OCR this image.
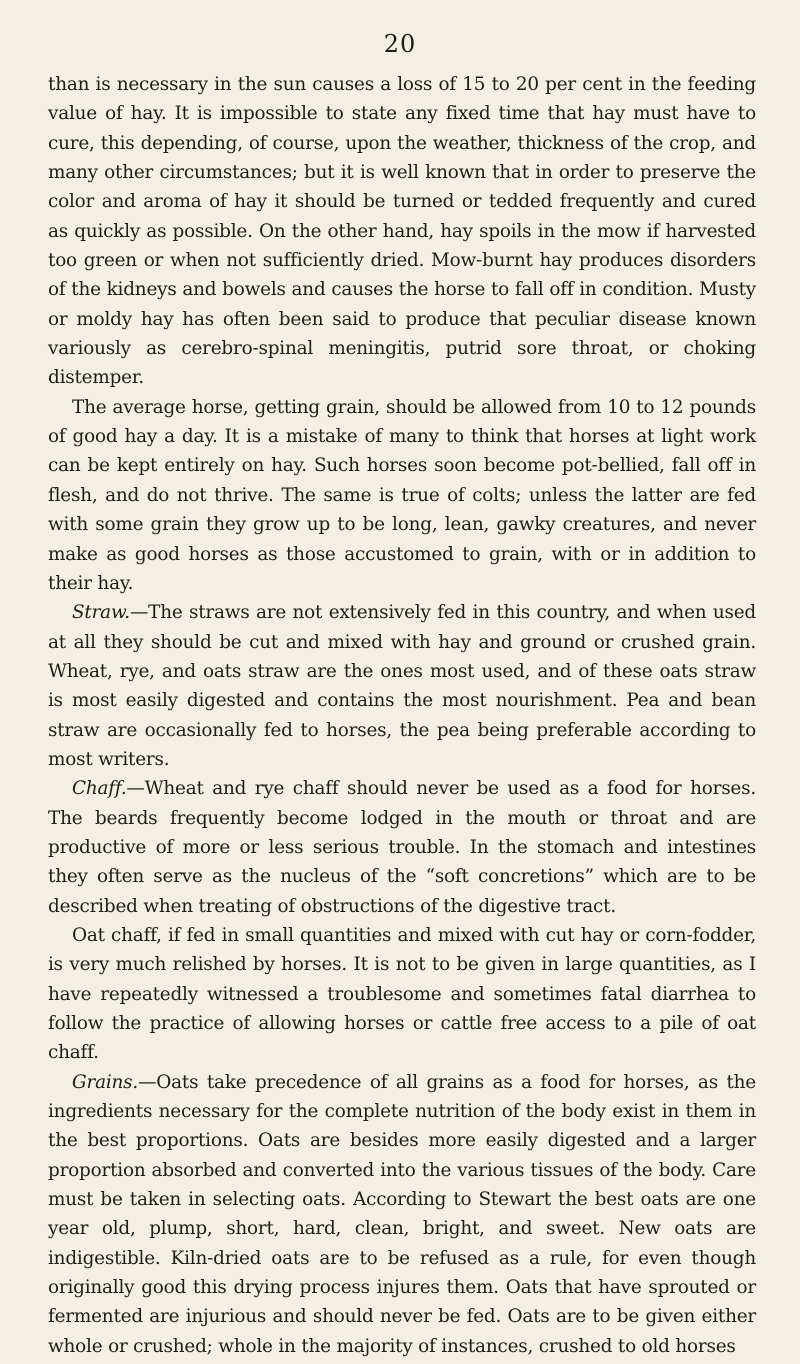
20

than is necessary in the sun causes a loss of 15 to 20 per cent in the feeding value of hay. It is impossible to state any fixed time that hay must have to cure, this depending, of course, upon the weather, thickness of the crop, and many other circumstances; but it is well known that in order to preserve the color and aroma of hay it should be turned or tedded frequently and cured as quickly as possible. On the other hand, hay spoils in the mow if harvested too green or when not sufficiently dried. Mow-burnt hay produces disorders of the kidneys and bowels and causes the horse to fall off in condition. Musty or moldy hay has often been said to produce that peculiar disease known variously as cerebro-spinal meningitis, putrid sore throat, or choking distemper.

The average horse, getting grain, should be allowed from 10 to 12 pounds of good hay a day. It is a mistake of many to think that horses at light work can be kept entirely on hay. Such horses soon become pot-bellied, fall off in flesh, and do not thrive. The same is true of colts; unless the latter are fed with some grain they grow up to be long, lean, gawky creatures, and never make as good horses as those accustomed to grain, with or in addition to their hay.

Straw.—The straws are not extensively fed in this country, and when used at all they should be cut and mixed with hay and ground or crushed grain. Wheat, rye, and oats straw are the ones most used, and of these oats straw is most easily digested and contains the most nourishment. Pea and bean straw are occasionally fed to horses, the pea being preferable according to most writers.

Chaff.—Wheat and rye chaff should never be used as a food for horses. The beards frequently become lodged in the mouth or throat and are productive of more or less serious trouble. In the stomach and intestines they often serve as the nucleus of the “soft concretions” which are to be described when treating of obstructions of the digestive tract.

Oat chaff, if fed in small quantities and mixed with cut hay or corn-fodder, is very much relished by horses. It is not to be given in large quantities, as I have repeatedly witnessed a troublesome and sometimes fatal diarrhea to follow the practice of allowing horses or cattle free access to a pile of oat chaff.

Grains.—Oats take precedence of all grains as a food for horses, as the ingredients necessary for the complete nutrition of the body exist in them in the best proportions. Oats are besides more easily digested and a larger proportion absorbed and converted into the various tissues of the body. Care must be taken in selecting oats. According to Stewart the best oats are one year old, plump, short, hard, clean, bright, and sweet. New oats are indigestible. Kiln-dried oats are to be refused as a rule, for even though originally good this drying process injures them. Oats that have sprouted or fermented are injurious and should never be fed. Oats are to be given either whole or crushed; whole in the majority of instances, crushed to old horses
